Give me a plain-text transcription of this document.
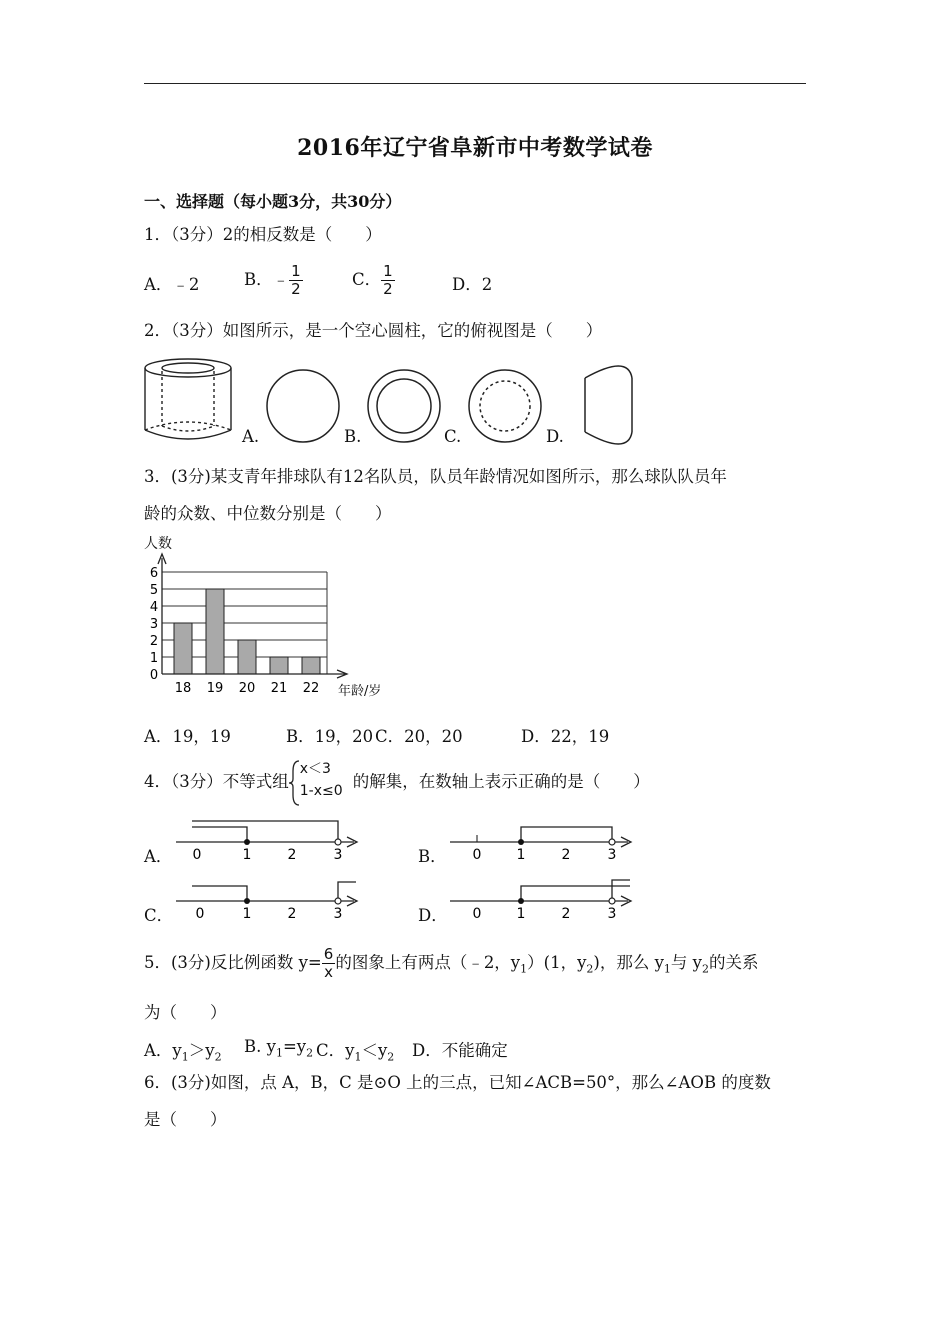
2016年辽宁省阜新市中考数学试卷
一、选择题（每小题3分，共30分）
1．（3分）2的相反数是（　　）
A．﹣2	B．﹣ $\frac{1}{2}$	C． $\frac{1}{2}$	D．2
2．（3分）如图所示，是一个空心圆柱，它的俯视图是（　　）
A.	B.	C.	D.
3．(3分)某支青年排球队有12名队员，队员年龄情况如图所示，那么球队队员年
龄的众数、中位数分别是（　　）
人数
年龄/岁
0
1
2
3
4
5
6
18 19 20 21 22
A．19，19	B．19，20 C．20，20	D．22，19
4．（3分）不等式组
x＜3
1-x≤0 的解集，在数轴上表示正确的是（　　）
A．	B．
C．	D．
0	1	2	3	0	1	2	3
0	1	2	3	0	1	2	3
5．(3分)反比例函数 $y= \frac{6}{x}$ 的图象上有两点（﹣2，$y_1)(1$，$y_2$)，那么 $y_1$与 $y_2$的关系
为（　　）
A．$y_1>y_2$
B. $y_1=y_2$ C．$y_1<y_2$ D．不能确定
6．(3分)如图，点 A，B，C 是⊙O 上的三点，已知∠ACB=50°，那么∠AOB 的度数
是（　　）
